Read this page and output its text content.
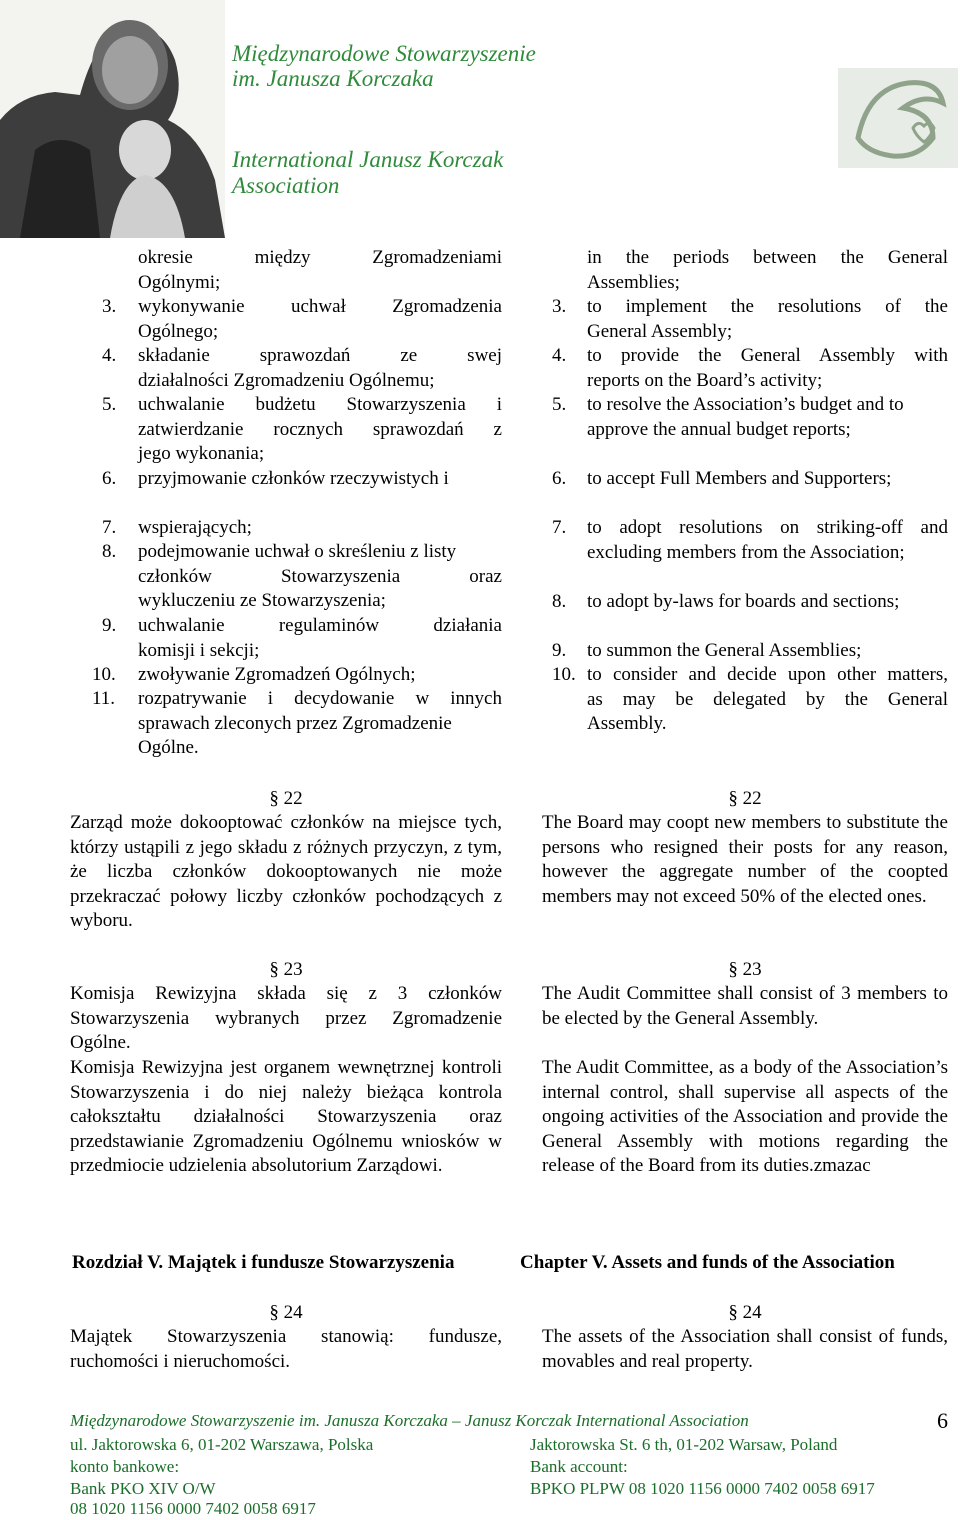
Międzynarodowe Stowarzyszenie
im. Janusza Korczaka
International Janusz Korczak
Association
okresie między Zgromadzeniami
Ogólnymi;
3. wykonywanie uchwał Zgromadzenia
Ogólnego;
4. składanie sprawozdań ze swej
działalności Zgromadzeniu Ogólnemu;
5. uchwalanie budżetu Stowarzyszenia i
zatwierdzanie rocznych sprawozdań z
jego wykonania;
6. przyjmowanie członków rzeczywistych i
7. wspierających;
8. podejmowanie uchwał o skreśleniu z listy
członków Stowarzyszenia oraz
wykluczeniu ze Stowarzyszenia;
9. uchwalanie regulaminów działania
komisji i sekcji;
10. zwoływanie Zgromadzeń Ogólnych;
11. rozpatrywanie i decydowanie w innych
sprawach zleconych przez Zgromadzenie
Ogólne.
in the periods between the General
Assemblies;
3. to implement the resolutions of the
General Assembly;
4. to provide the General Assembly with
reports on the Board’s activity;
5. to resolve the Association’s budget and to
approve the annual budget reports;
6. to accept Full Members and Supporters;
7. to adopt resolutions on striking-off and
excluding members from the Association;
8. to adopt by-laws for boards and sections;
9. to summon the General Assemblies;
10. to consider and decide upon other matters,
as may be delegated by the General
Assembly.
§ 22
Zarząd może dokooptować członków na miejsce tych, którzy ustąpili z jego składu z różnych przyczyn, z tym, że liczba członków dokooptowanych nie może przekraczać połowy liczby członków pochodzących z wyboru.
§ 22
The Board may coopt new members to substitute the persons who resigned their posts for any reason, however the aggregate number of the coopted members may not exceed 50% of the elected ones.
§ 23
Komisja Rewizyjna składa się z 3 członków Stowarzyszenia wybranych przez Zgromadzenie Ogólne.
Komisja Rewizyjna jest organem wewnętrznej kontroli Stowarzyszenia i do niej należy bieżąca kontrola całokształtu działalności Stowarzyszenia oraz przedstawianie Zgromadzeniu Ogólnemu wniosków w przedmiocie udzielenia absolutorium Zarządowi.
§ 23
The Audit Committee shall consist of 3 members to be elected by the General Assembly.
The Audit Committee, as a body of the Association’s internal control, shall supervise all aspects of the ongoing activities of the Association and provide the General Assembly with motions regarding the release of the Board from its duties.zmazac
Rozdział V. Majątek i fundusze Stowarzyszenia	Chapter V. Assets and funds of the Association
§ 24
Majątek Stowarzyszenia stanowią: fundusze, ruchomości i nieruchomości.
§ 24
The assets of the Association shall consist of funds, movables and real property.
Międzynarodowe Stowarzyszenie im. Janusza Korczaka – Janusz Korczak International Association	6
ul. Jaktorowska 6, 01-202 Warszawa, Polska	Jaktorowska St. 6 th, 01-202 Warsaw, Poland
konto bankowe:	Bank account:
Bank PKO XIV O/W	BPKO PLPW 08 1020 1156 0000 7402 0058 6917
08 1020 1156 0000 7402 0058 6917
